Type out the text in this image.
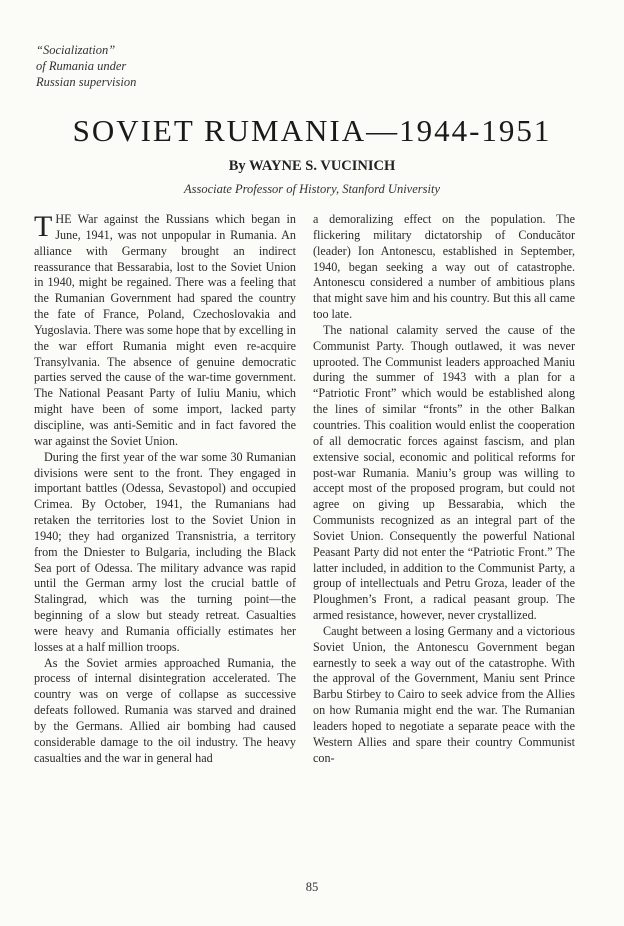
“Socialization”
of Rumania under
Russian supervision
SOVIET RUMANIA—1944-1951
By WAYNE S. VUCINICH
Associate Professor of History, Stanford University

THE War against the Russians which began in June, 1941, was not unpopular in Rumania. An alliance with Germany brought an indirect reassurance that Bessarabia, lost to the Soviet Union in 1940, might be regained. There was a feeling that the Rumanian Government had spared the country the fate of France, Poland, Czechoslovakia and Yugoslavia. There was some hope that by excelling in the war effort Rumania might even re-acquire Transylvania. The absence of genuine democratic parties served the cause of the war-time government. The National Peasant Party of Iuliu Maniu, which might have been of some import, lacked party discipline, was anti-Semitic and in fact favored the war against the Soviet Union.

During the first year of the war some 30 Rumanian divisions were sent to the front. They engaged in important battles (Odessa, Sevastopol) and occupied Crimea. By October, 1941, the Rumanians had retaken the territories lost to the Soviet Union in 1940; they had organized Transnistria, a territory from the Dniester to Bulgaria, including the Black Sea port of Odessa. The military advance was rapid until the German army lost the crucial battle of Stalingrad, which was the turning point—the beginning of a slow but steady retreat. Casualties were heavy and Rumania officially estimates her losses at a half million troops.

As the Soviet armies approached Rumania, the process of internal disintegration accelerated. The country was on verge of collapse as successive defeats followed. Rumania was starved and drained by the Germans. Allied air bombing had caused considerable damage to the oil industry. The heavy casualties and the war in general had

a demoralizing effect on the population. The flickering military dictatorship of Conducător (leader) Ion Antonescu, established in September, 1940, began seeking a way out of catastrophe. Antonescu considered a number of ambitious plans that might save him and his country. But this all came too late.

The national calamity served the cause of the Communist Party. Though outlawed, it was never uprooted. The Communist leaders approached Maniu during the summer of 1943 with a plan for a “Patriotic Front” which would be established along the lines of similar “fronts” in the other Balkan countries. This coalition would enlist the cooperation of all democratic forces against fascism, and plan extensive social, economic and political reforms for post-war Rumania. Maniu’s group was willing to accept most of the proposed program, but could not agree on giving up Bessarabia, which the Communists recognized as an integral part of the Soviet Union. Consequently the powerful National Peasant Party did not enter the “Patriotic Front.” The latter included, in addition to the Communist Party, a group of intellectuals and Petru Groza, leader of the Ploughmen’s Front, a radical peasant group. The armed resistance, however, never crystallized.

Caught between a losing Germany and a victorious Soviet Union, the Antonescu Government began earnestly to seek a way out of the catastrophe. With the approval of the Government, Maniu sent Prince Barbu Stirbey to Cairo to seek advice from the Allies on how Rumania might end the war. The Rumanian leaders hoped to negotiate a separate peace with the Western Allies and spare their country Communist con-

85
